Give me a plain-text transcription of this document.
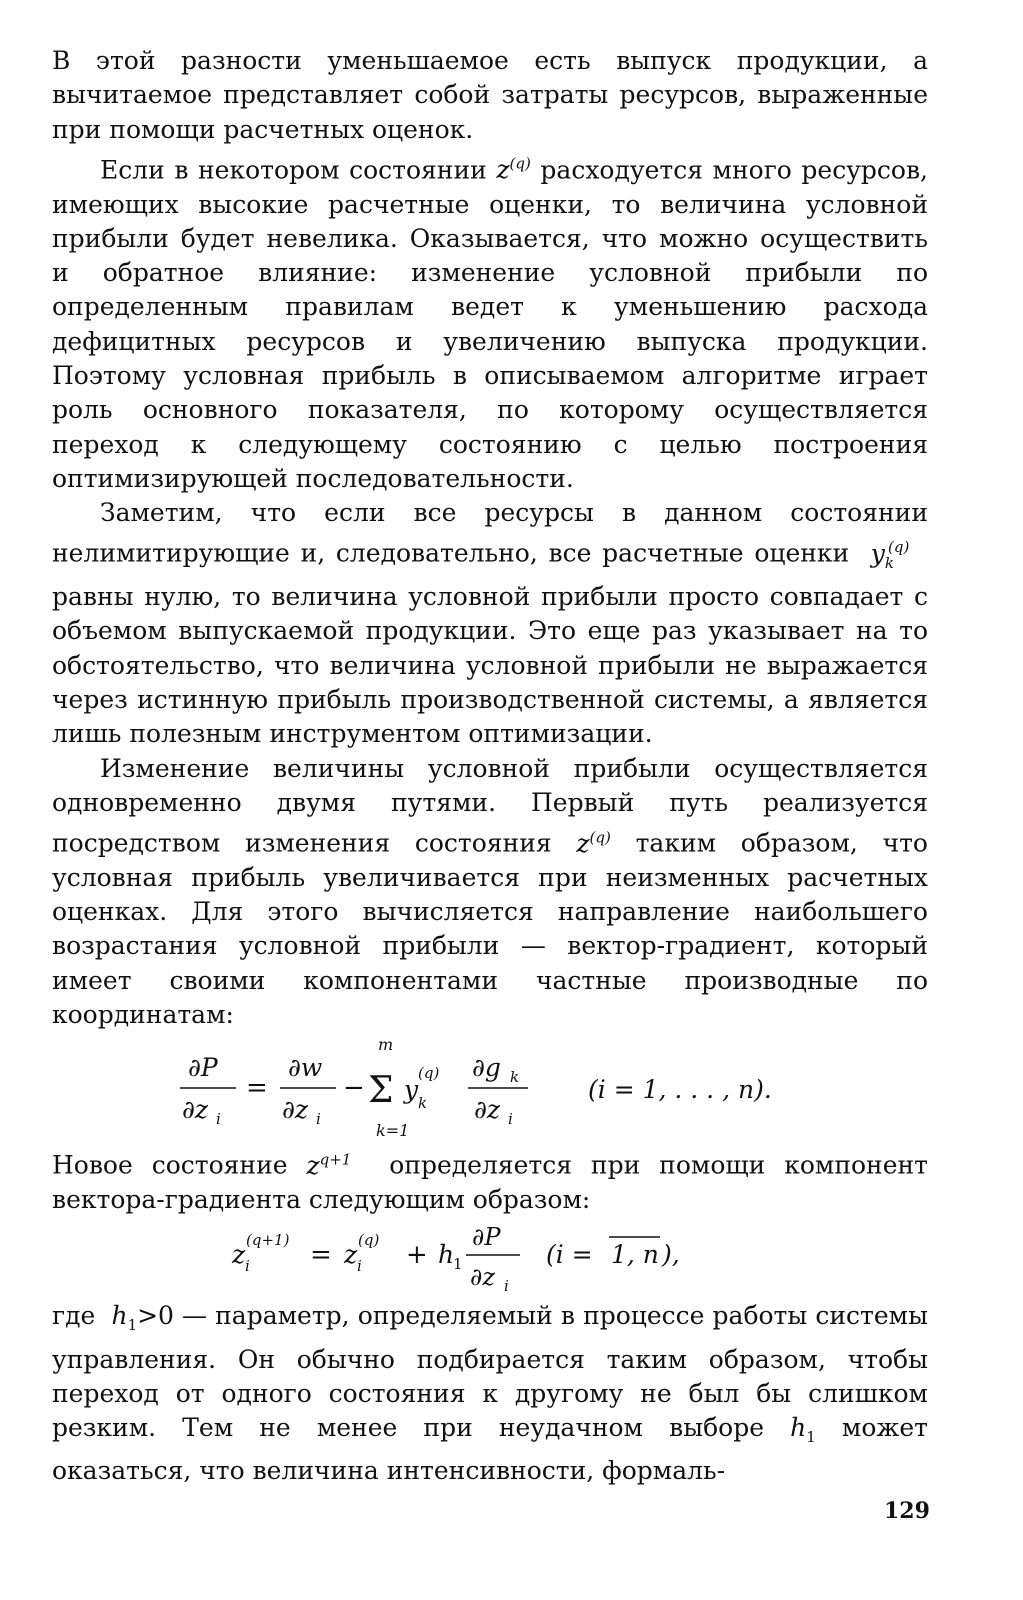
В этой разности уменьшаемое есть выпуск продукции, а вычитаемое представляет собой затраты ресурсов, выраженные при помощи расчетных оценок.

Если в некотором состоянии $z^{(q)}$ расходуется много ресурсов, имеющих высокие расчетные оценки, то величина условной прибыли будет невелика. Оказывается, что можно осуществить и обратное влияние: изменение условной прибыли по определенным правилам ведет к уменьшению расхода дефицитных ресурсов и увеличению выпуска продукции. Поэтому условная прибыль в описываемом алгоритме играет роль основного показателя, по которому осуществляется переход к следующему состоянию с целью построения оптимизирующей последовательности.

Заметим, что если все ресурсы в данном состоянии нелимитирующие и, следовательно, все расчетные оценки $y_k^{(q)}$   равны нулю, то величина условной прибыли просто совпадает с объемом выпускаемой продукции. Это еще раз указывает на то обстоятельство, что величина условной прибыли не выражается через истинную прибыль производственной системы, а является лишь полезным инструментом оптимизации.

Изменение величины условной прибыли осуществляется одновременно двумя путями. Первый путь реализуется посредством изменения состояния $z^{(q)}$ таким образом, что условная прибыль увеличивается при неизменных расчетных оценках. Для этого вычисляется направление наибольшего возрастания условной прибыли — вектор-градиент, который имеет своими компонентами частные производные по координатам:

∂P
∂z i
=
∂w
∂z i
−
m
Σ
k=1
y
(q)
k
∂g k
∂z i
(i = 1, . . . , n).

Новое состояние $z^{q+1}$ определяется при помощи компонент вектора-градиента следующим образом:

z i
(q+1) = z i
(q) + h
1
∂P
∂z i
(i = 1, n ),

где $h_1>0$ — параметр, определяемый в процессе работы системы управления. Он обычно подбирается таким образом, чтобы переход от одного состояния к другому не был бы слишком резким. Тем не менее при неудачном выборе $h_1$ может оказаться, что величина интенсивности, формаль-

129
